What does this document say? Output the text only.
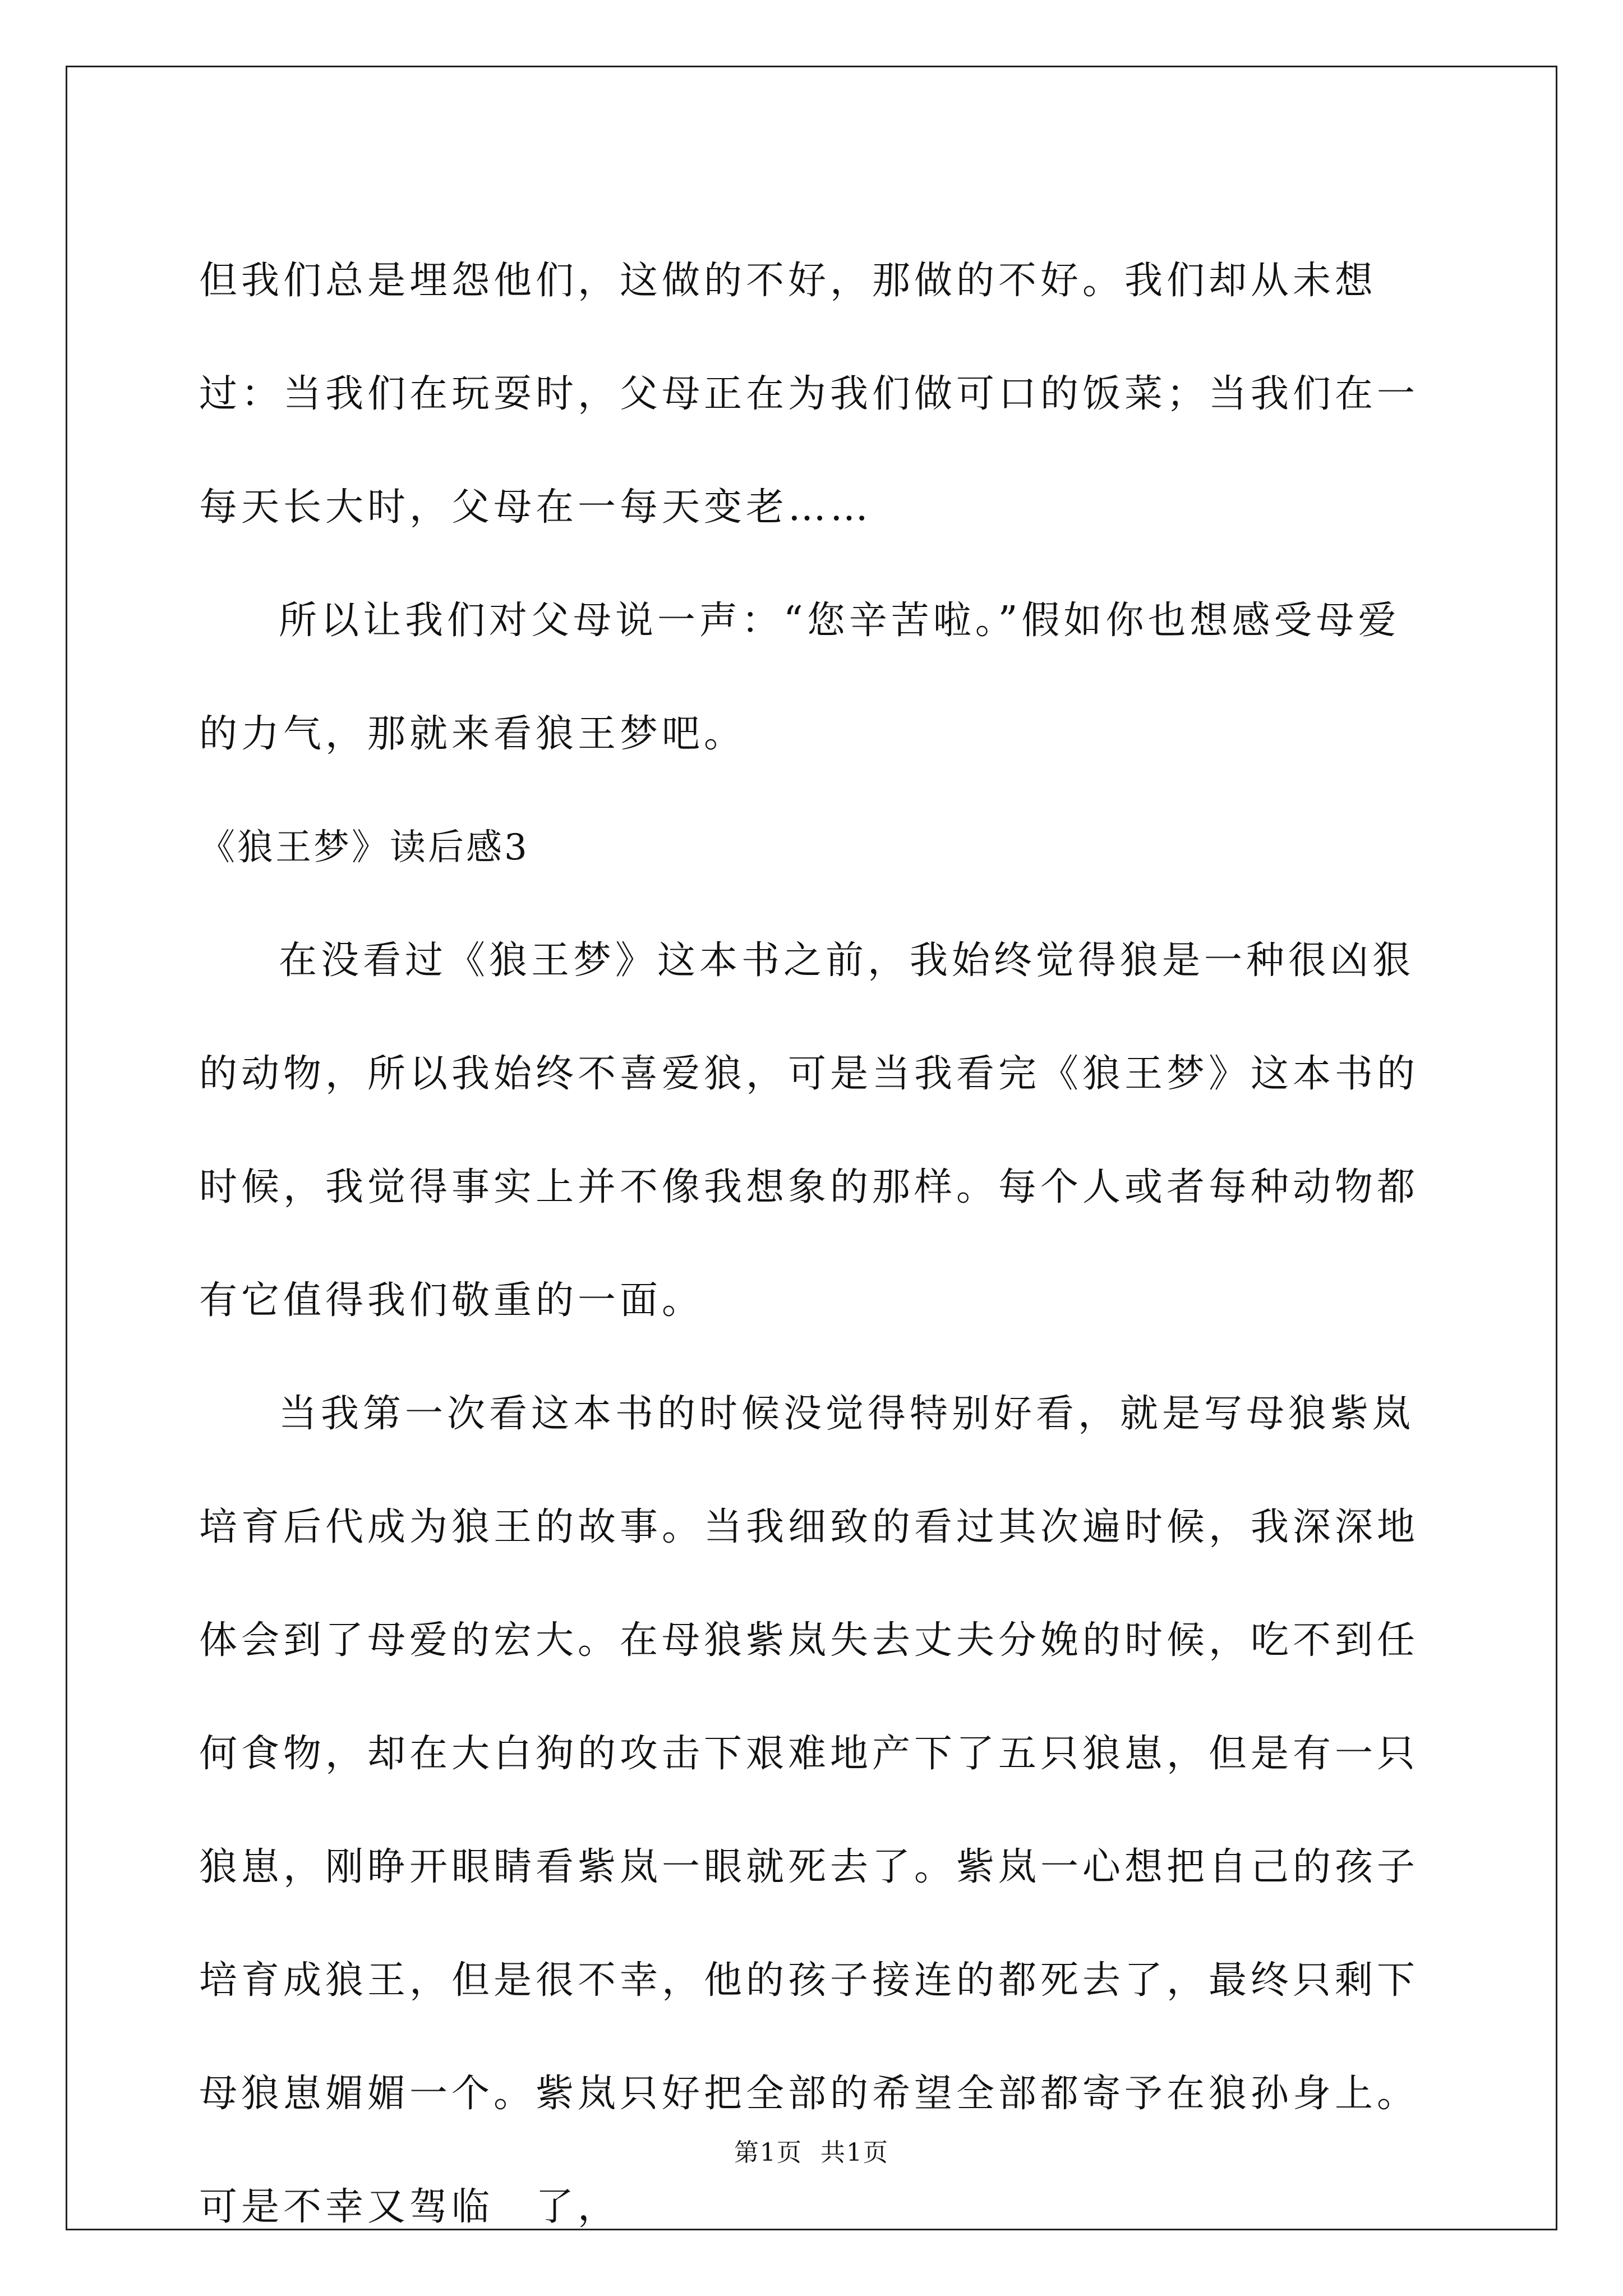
但我们总是埋怨他们，这做的不好，那做的不好。我们却从未想过：当我们在玩耍时，父母正在为我们做可口的饭菜；当我们在一每天长大时，父母在一每天变老……

所以让我们对父母说一声：“您辛苦啦。”假如你也想感受母爱的力气，那就来看狼王梦吧。

《狼王梦》读后感3

在没看过《狼王梦》这本书之前，我始终觉得狼是一种很凶狠的动物，所以我始终不喜爱狼，可是当我看完《狼王梦》这本书的时候，我觉得事实上并不像我想象的那样。每个人或者每种动物都有它值得我们敬重的一面。

当我第一次看这本书的时候没觉得特别好看，就是写母狼紫岚培育后代成为狼王的故事。当我细致的看过其次遍时候，我深深地体会到了母爱的宏大。在母狼紫岚失去丈夫分娩的时候，吃不到任何食物，却在大白狗的攻击下艰难地产下了五只狼崽，但是有一只狼崽，刚睁开眼睛看紫岚一眼就死去了。紫岚一心想把自己的孩子培育成狼王，但是很不幸，他的孩子接连的都死去了，最终只剩下母狼崽媚媚一个。紫岚只好把全部的希望全部都寄予在狼孙身上。可是不幸又驾临　了，

第1页 共1页
